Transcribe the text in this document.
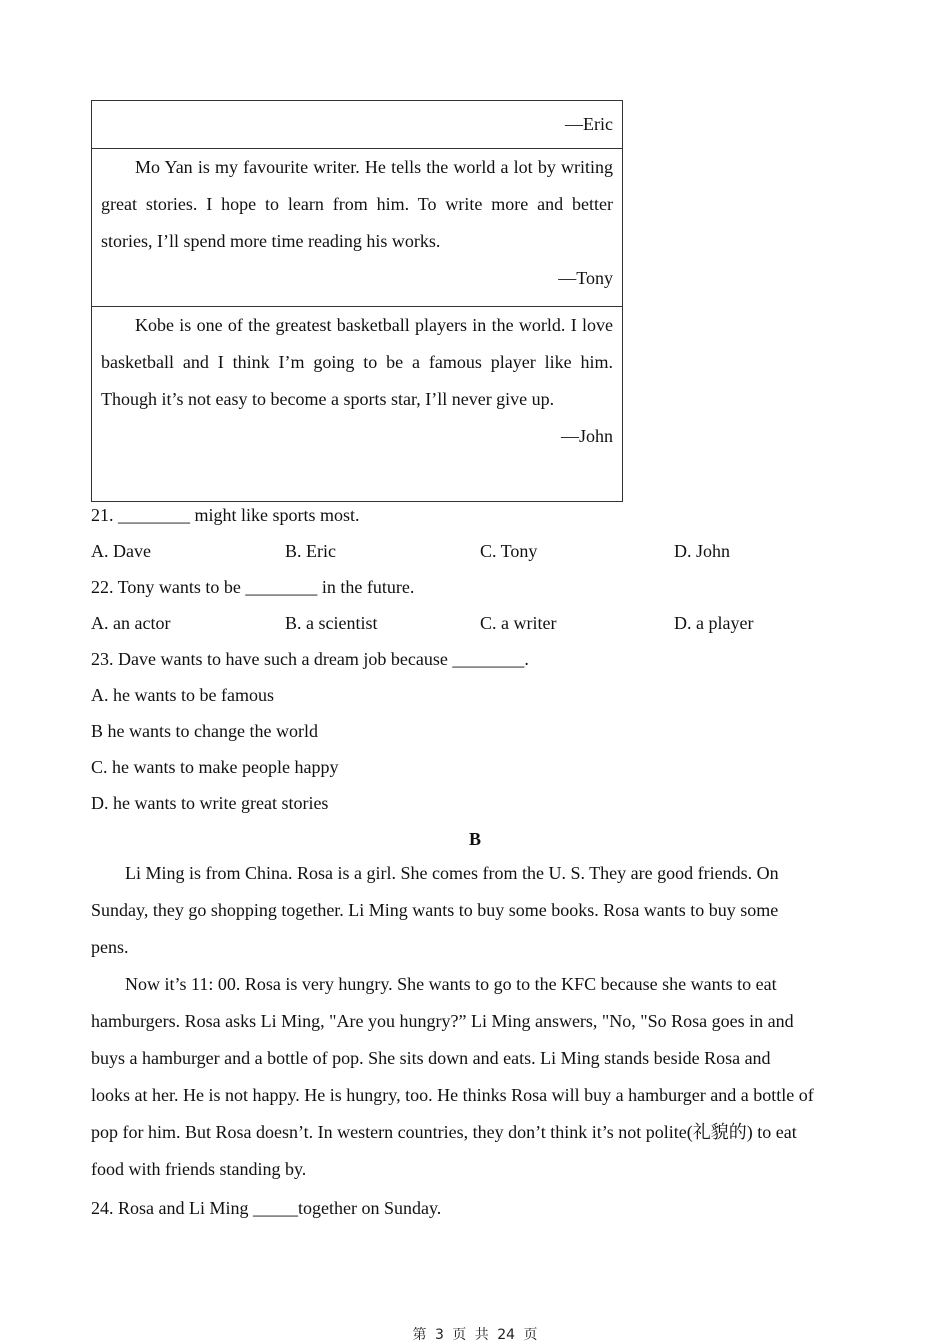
—Eric

Mo Yan is my favourite writer. He tells the world a lot by writing great stories. I hope to learn from him. To write more and better stories, I’ll spend more time reading his works.

—Tony

Kobe is one of the greatest basketball players in the world. I love basketball and I think I’m going to be a famous player like him. Though it’s not easy to become a sports star, I’ll never give up.

—John
21. ________ might like sports most.
A. Dave	B. Eric	C. Tony	D. John
22. Tony wants to be ________ in the future.
A. an actor	B. a scientist	C. a writer	D. a player
23. Dave wants to have such a dream job because ________.
A. he wants to be famous
B he wants to change the world
C. he wants to make people happy
D. he wants to write great stories
B
Li Ming is from China. Rosa is a girl. She comes from the U. S. They are good friends. On
Sunday, they go shopping together. Li Ming wants to buy some books. Rosa wants to buy some
pens.
Now it’s 11: 00. Rosa is very hungry. She wants to go to the KFC because she wants to eat
hamburgers. Rosa asks Li Ming, "Are you hungry?” Li Ming answers, "No, "So Rosa goes in and
buys a hamburger and a bottle of pop. She sits down and eats. Li Ming stands beside Rosa and
looks at her. He is not happy. He is hungry, too. He thinks Rosa will buy a hamburger and a bottle of
pop for him. But Rosa doesn’t. In western countries, they don’t think it’s not polite(礼貌的) to eat
food with friends standing by.
24. Rosa and Li Ming _____together on Sunday.
第 3 页 共 24 页
